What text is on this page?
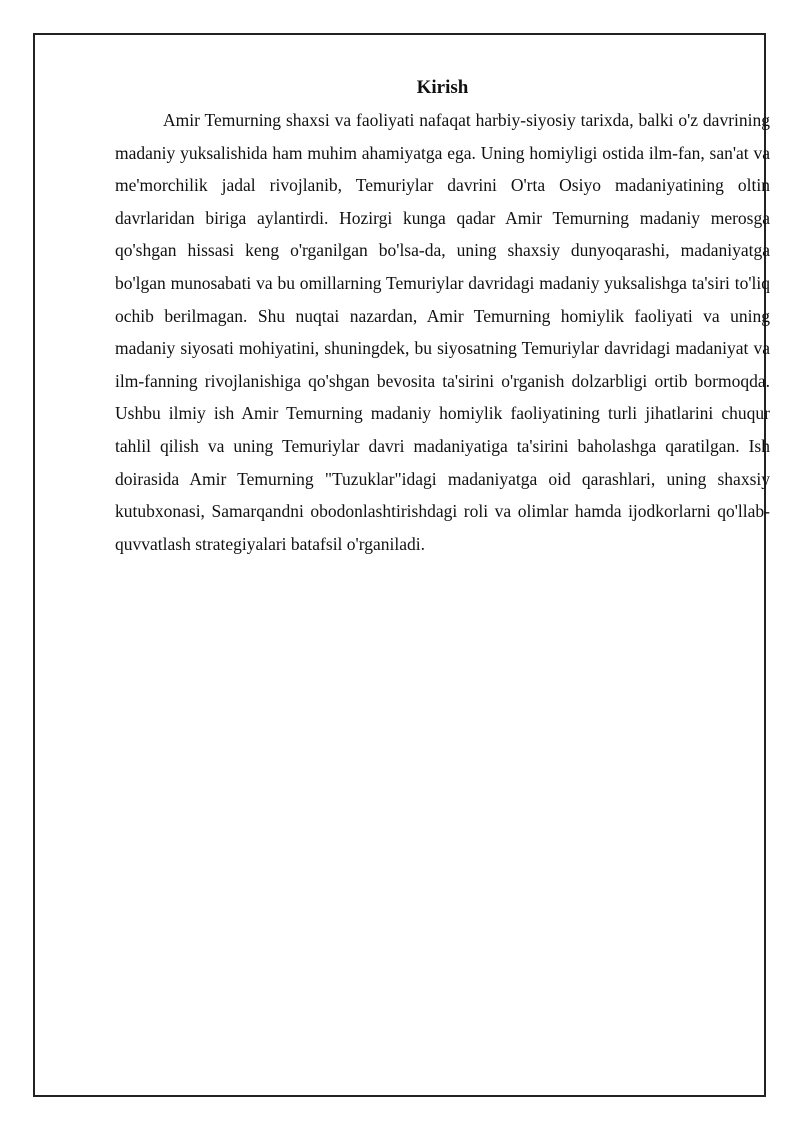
Kirish

Amir Temurning shaxsi va faoliyati nafaqat harbiy-siyosiy tarixda, balki o'z davrining madaniy yuksalishida ham muhim ahamiyatga ega. Uning homiyligi ostida ilm-fan, san'at va me'morchilik jadal rivojlanib, Temuriylar davrini O'rta Osiyo madaniyatining oltin davrlaridan biriga aylantirdi. Hozirgi kunga qadar Amir Temurning madaniy merosga qo'shgan hissasi keng o'rganilgan bo'lsa-da, uning shaxsiy dunyoqarashi, madaniyatga bo'lgan munosabati va bu omillarning Temuriylar davridagi madaniy yuksalishga ta'siri to'liq ochib berilmagan. Shu nuqtai nazardan, Amir Temurning homiylik faoliyati va uning madaniy siyosati mohiyatini, shuningdek, bu siyosatning Temuriylar davridagi madaniyat va ilm-fanning rivojlanishiga qo'shgan bevosita ta'sirini o'rganish dolzarbligi ortib bormoqda. Ushbu ilmiy ish Amir Temurning madaniy homiylik faoliyatining turli jihatlarini chuqur tahlil qilish va uning Temuriylar davri madaniyatiga ta'sirini baholashga qaratilgan. Ish doirasida Amir Temurning "Tuzuklar"idagi madaniyatga oid qarashlari, uning shaxsiy kutubxonasi, Samarqandni obodonlashtirishdagi roli va olimlar hamda ijodkorlarni qo'llab-quvvatlash strategiyalari batafsil o'rganiladi.
